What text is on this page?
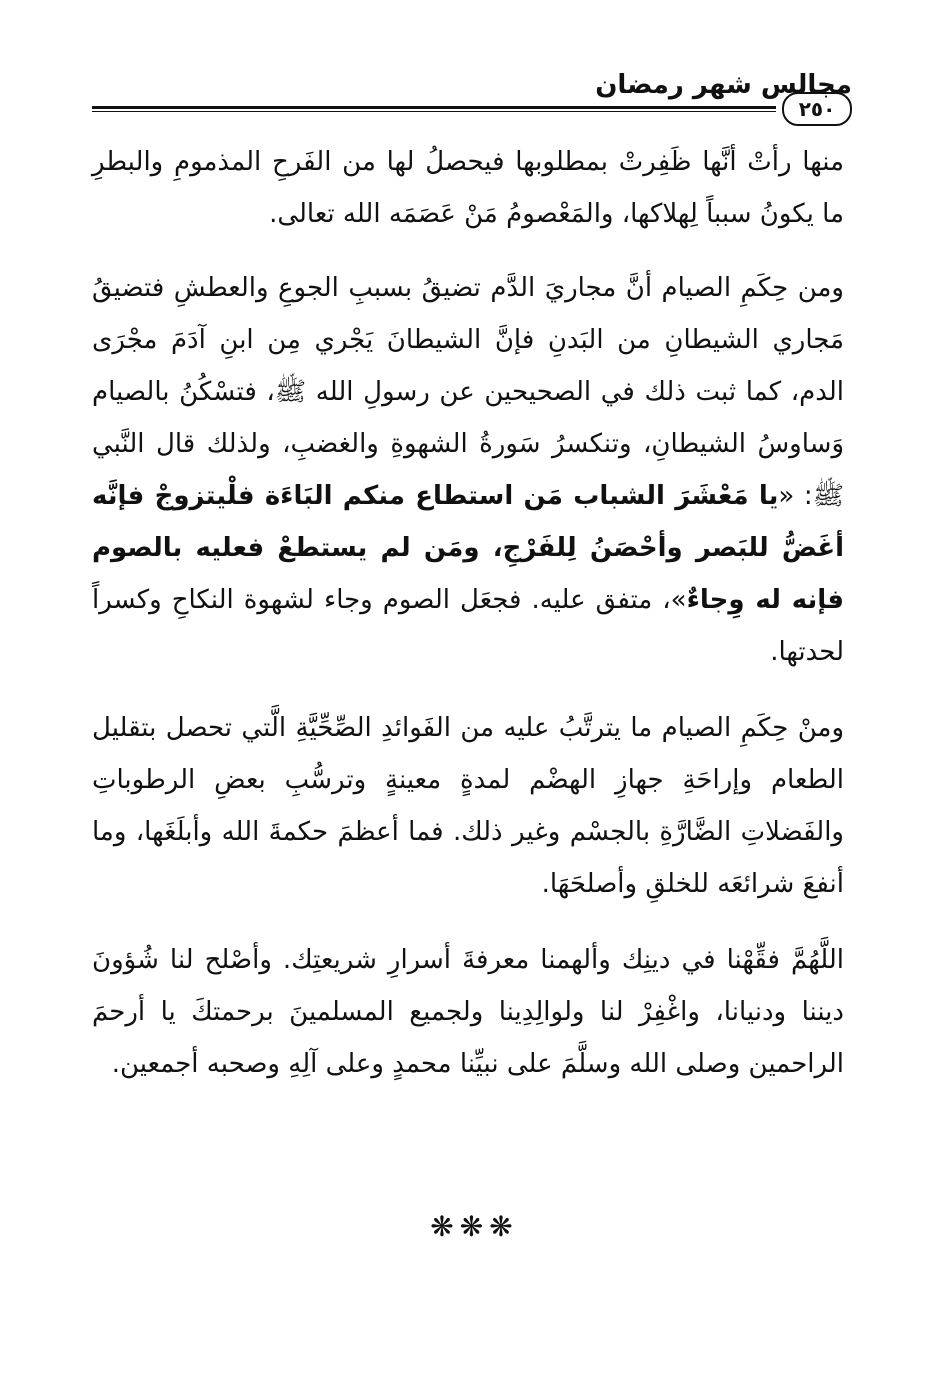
مجالس شهر رمضان
٢٥٠

منها رأتْ أنَّها ظَفِرتْ بمطلوبها فيحصلُ لها من الفَرحِ المذمومِ والبطرِ ما يكونُ سبباً لِهلاكها، والمَعْصومُ مَنْ عَصَمَه الله تعالى.

ومن حِكَمِ الصيام أنَّ مجاريَ الدَّم تضيقُ بسببِ الجوعِ والعطشِ فتضيقُ مَجاري الشيطانِ من البَدنِ فإنَّ الشيطانَ يَجْري مِن ابنِ آدَمَ مجْرَى الدم، كما ثبت ذلك في الصحيحين عن رسولِ الله ﷺ، فتسْكُنُ بالصيام وَساوسُ الشيطانِ، وتنكسرُ سَورةُ الشهوةِ والغضبِ، ولذلك قال النَّبي ﷺ: «يا مَعْشَرَ الشباب مَن استطاع منكم البَاءَة فلْيتزوجْ فإنَّه أغَضُّ للبَصر وأحْصَنُ لِلفَرْجِ، ومَن لم يستطعْ فعليه بالصوم فإنه له وِجاءٌ»، متفق عليه. فجعَل الصوم وجاء لشهوة النكاحِ وكسراً لحدتها.

ومنْ حِكَمِ الصيام ما يترتَّبُ عليه من الفَوائدِ الصِّحِّيَّةِ الَّتي تحصل بتقليل الطعام وإراحَةِ جهازِ الهضْم لمدةٍ معينةٍ وترسُّبِ بعضِ الرطوباتِ والفَضلاتِ الضَّارَّةِ بالجسْم وغير ذلك. فما أعظمَ حكمةَ الله وأبلَغَها، وما أنفعَ شرائعَه للخلقِ وأصلحَهَا.

اللَّهُمَّ فقِّهْنا في دينِك وألهمنا معرفةَ أسرارِ شريعتِك. وأصْلح لنا شُؤونَ ديننا ودنيانا، واغْفِرْ لنا ولوالِدِينا ولجميع المسلمينَ برحمتكَ يا أرحمَ الراحمين وصلى الله وسلَّمَ على نبيِّنا محمدٍ وعلى آلِهِ وصحبه أجمعين.

❋❋❋
